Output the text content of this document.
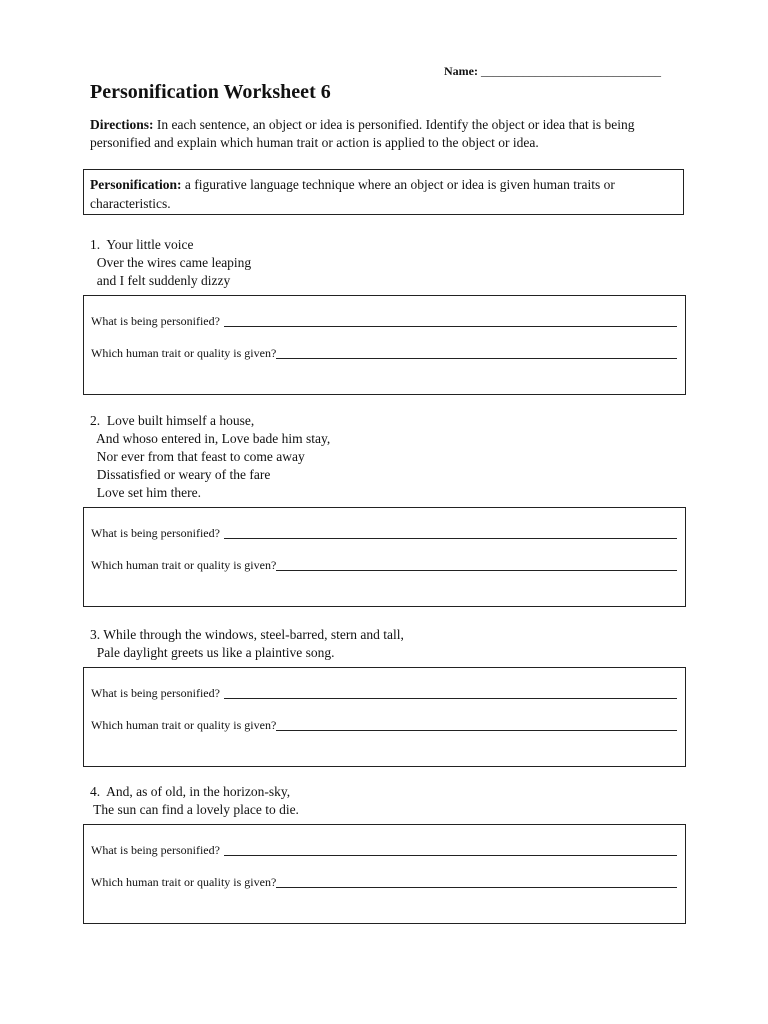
Name: ______________________________
Personification Worksheet 6

Directions: In each sentence, an object or idea is personified. Identify the object or idea that is being personified and explain which human trait or action is applied to the object or idea.

Personification: a figurative language technique where an object or idea is given human traits or characteristics.
1.  Your little voice
Over the wires came leaping
and I felt suddenly dizzy
What is being personified?
Which human trait or quality is given?
2.  Love built himself a house,
And whoso entered in, Love bade him stay,
Nor ever from that feast to come away
Dissatisfied or weary of the fare
Love set him there.
What is being personified?
Which human trait or quality is given?
3. While through the windows, steel-barred, stern and tall,
Pale daylight greets us like a plaintive song.
What is being personified?
Which human trait or quality is given?
4.  And, as of old, in the horizon-sky,
The sun can find a lovely place to die.
What is being personified?
Which human trait or quality is given?
